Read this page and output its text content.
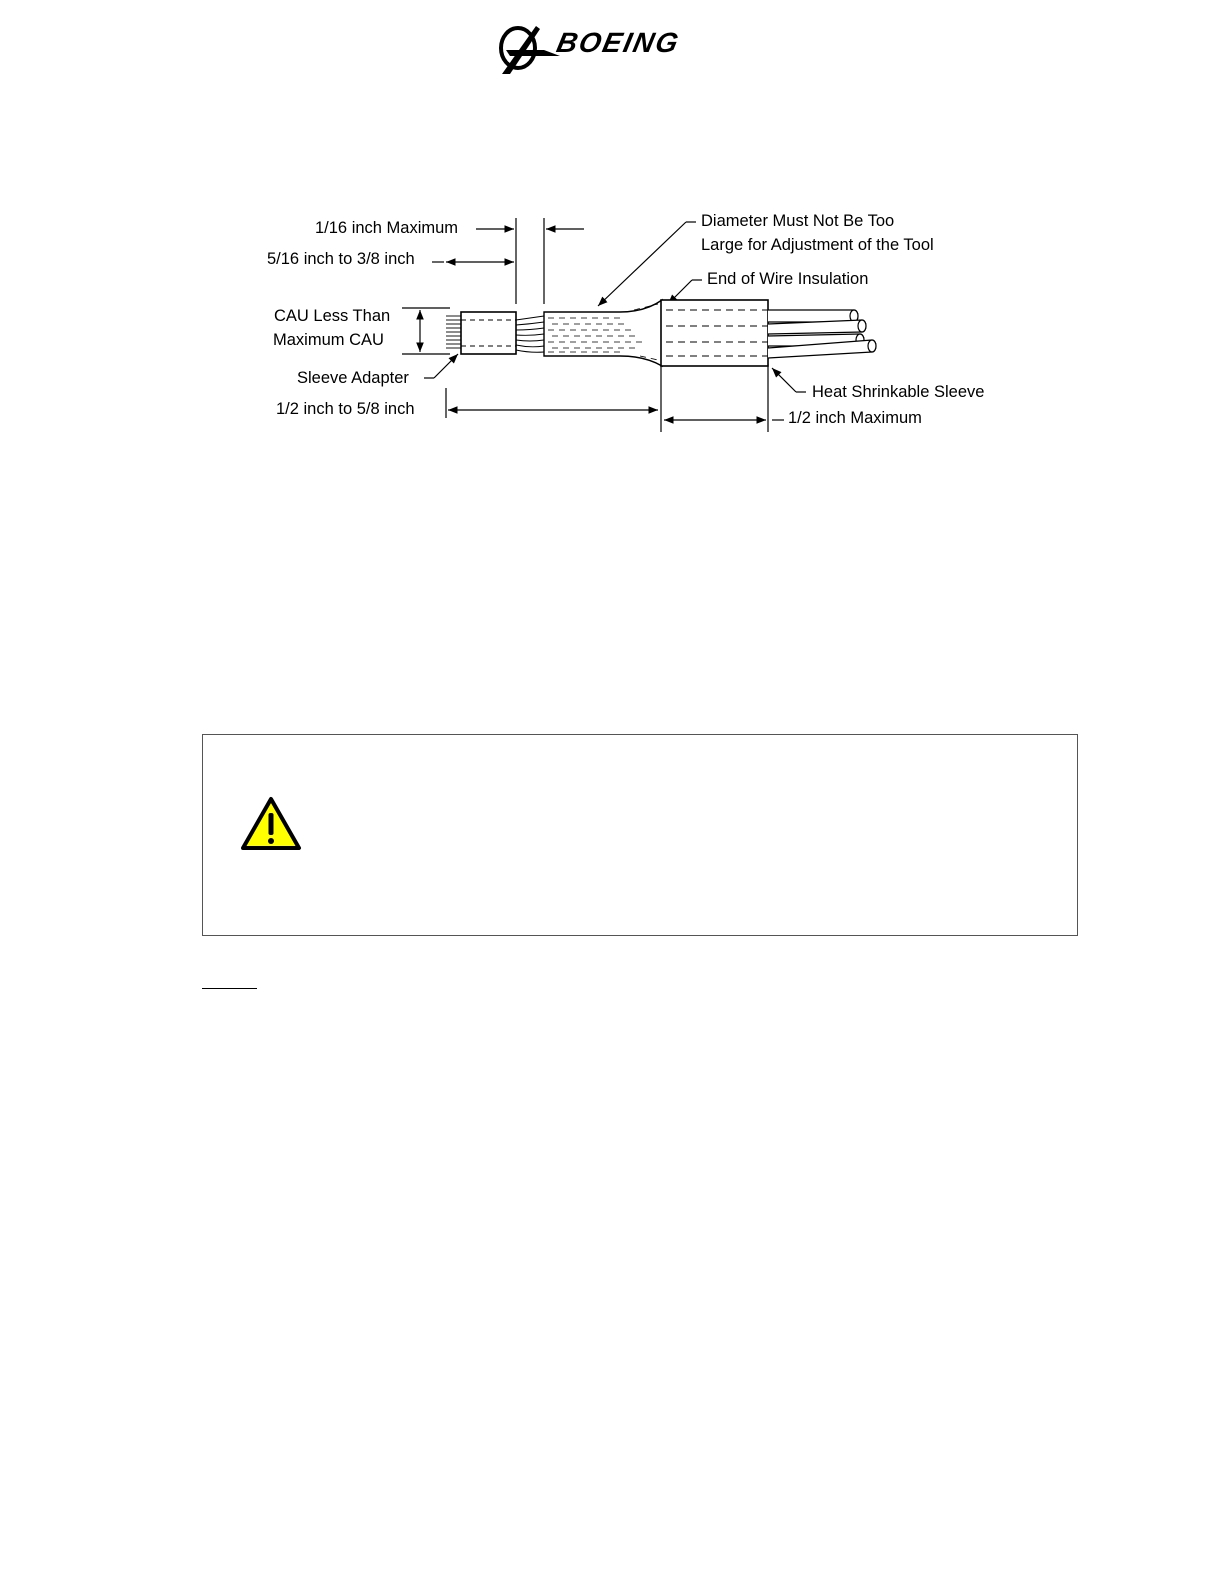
BOEING
1/16 inch Maximum
5/16 inch to 3/8 inch
CAU Less Than
Maximum CAU
Sleeve Adapter
1/2 inch to 5/8 inch
Diameter Must Not Be Too
Large for Adjustment of the Tool
End of Wire Insulation
Heat Shrinkable Sleeve
1/2 inch Maximum
